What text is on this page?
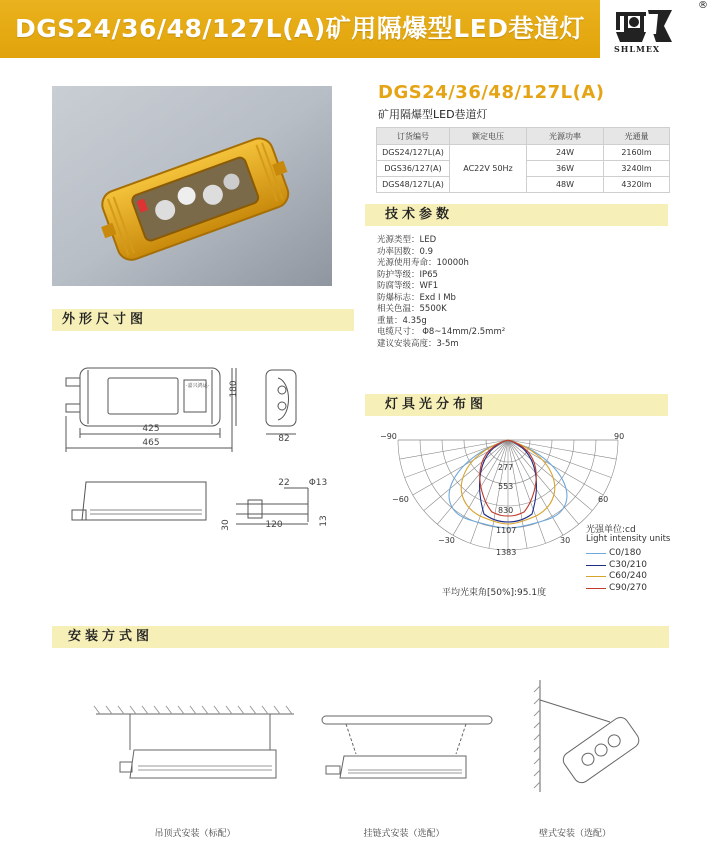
DGS24/36/48/127L(A)矿用隔爆型LED巷道灯
SHLMEX
®
DGS24/36/48/127L(A)
矿用隔爆型LED巷道灯
订货编号	额定电压	光源功率	光通量
DGS24/127L(A)	AC22V 50Hz	24W	2160lm
DGS36/127(A)		36W	3240lm
DGS48/127L(A)		48W	4320lm
技术参数
光源类型：LED
功率因数：0.9
光源使用寿命：10000h
防护等级：IP65
防腐等级：WF1
防爆标志：Exd I Mb
相关色温：5500K
重量：4.35g
电缆尺寸： Φ8~14mm/2.5mm²
建议安装高度：3-5m
外形尺寸图
425
465
180
·嘉兴鸿运·
82
22	Φ13
30	120	13
灯具光分布图
−90	90
−60	60
−30	30
277
553
830
1107
1383
光强单位:cd
Light intensity units
C0/180
C30/210
C60/240
C90/270
平均光束角[50%]:95.1度
安装方式图
吊顶式安装（标配）	挂链式安装（选配）	壁式安装（选配）
